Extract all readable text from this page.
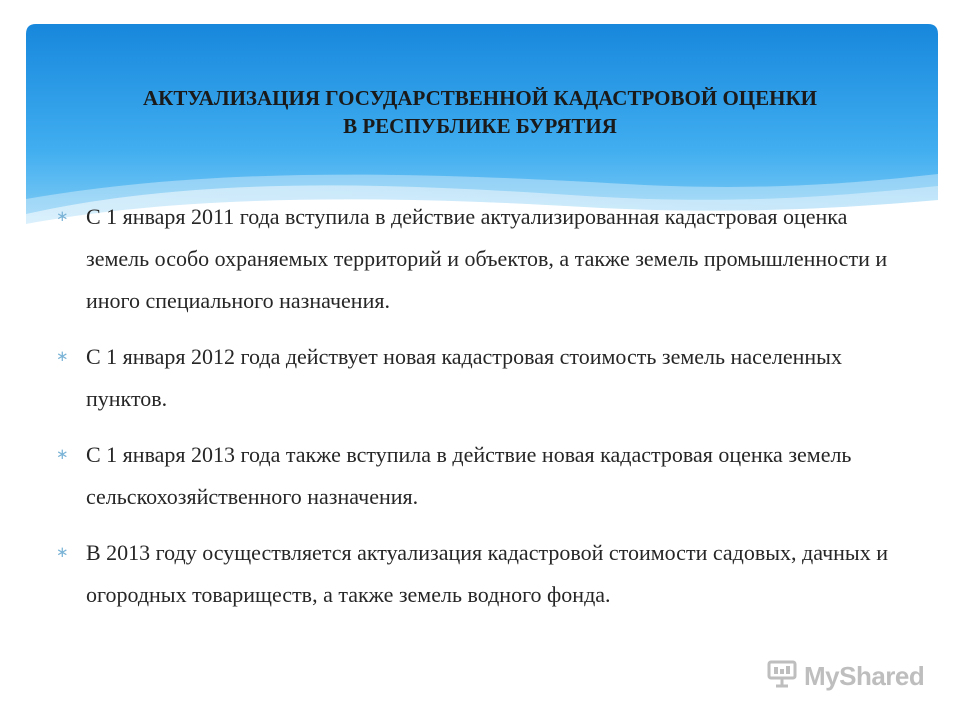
АКТУАЛИЗАЦИЯ ГОСУДАРСТВЕННОЙ КАДАСТРОВОЙ ОЦЕНКИ
В РЕСПУБЛИКЕ БУРЯТИЯ
∗ С 1 января 2011 года вступила в действие актуализированная кадастровая оценка земель особо охраняемых территорий и объектов, а также земель промышленности и иного специального назначения.
∗ С 1 января 2012 года действует новая кадастровая стоимость земель населенных пунктов.
∗ С 1 января 2013 года также вступила в действие новая кадастровая оценка земель сельскохозяйственного назначения.
∗ В 2013 году осуществляется актуализация кадастровой стоимости садовых, дачных и огородных товариществ, а также земель водного фонда.
MyShared
